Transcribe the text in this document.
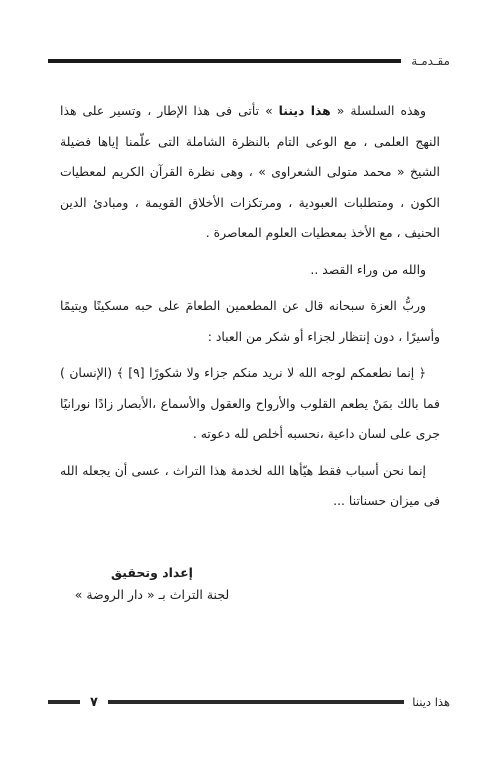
مقـدمـة

وهذه السلسلة « هذا ديننا » تأتى فى هذا الإطار ، وتسير على هذا النهج العلمى ، مع الوعى التام بالنظرة الشاملة التى علّمنا إياها فضيلة الشيخ « محمد متولى الشعراوى » ، وهى نظرة القرآن الكريم لمعطيات الكون ، ومتطلبات العبودية ، ومرتكزات الأخلاق القويمة ، ومبادئ الدين الحنيف ، مع الأخذ بمعطيات العلوم المعاصرة .

والله من وراء القصد ..

وربُّ العزة سبحانه قال عن المطعمين الطعامَ على حبه مسكينًا ويتيمًا وأسيرًا ، دون إنتظار لجزاء أو شكر من العباد :

﴿ إنما نطعمكم لوجه الله لا نريد منكم جزاء ولا شكورًا [٩] ﴾ (الإنسان ) فما بالك بمَنْ يطعم القلوب والأرواح والعقول والأسماع ،الأبصار زادًا نورانيًا جرى على لسان داعية ،نحسبه أخلص لله دعوته .

إنما نحن أسباب فقط هيّأها الله لخدمة هذا التراث ، عسى أن يجعله الله فى ميزان حسناتنا ...

إعداد وتحقيق
لجنة التراث بـ « دار الروضة »
هذا ديننا
٧
